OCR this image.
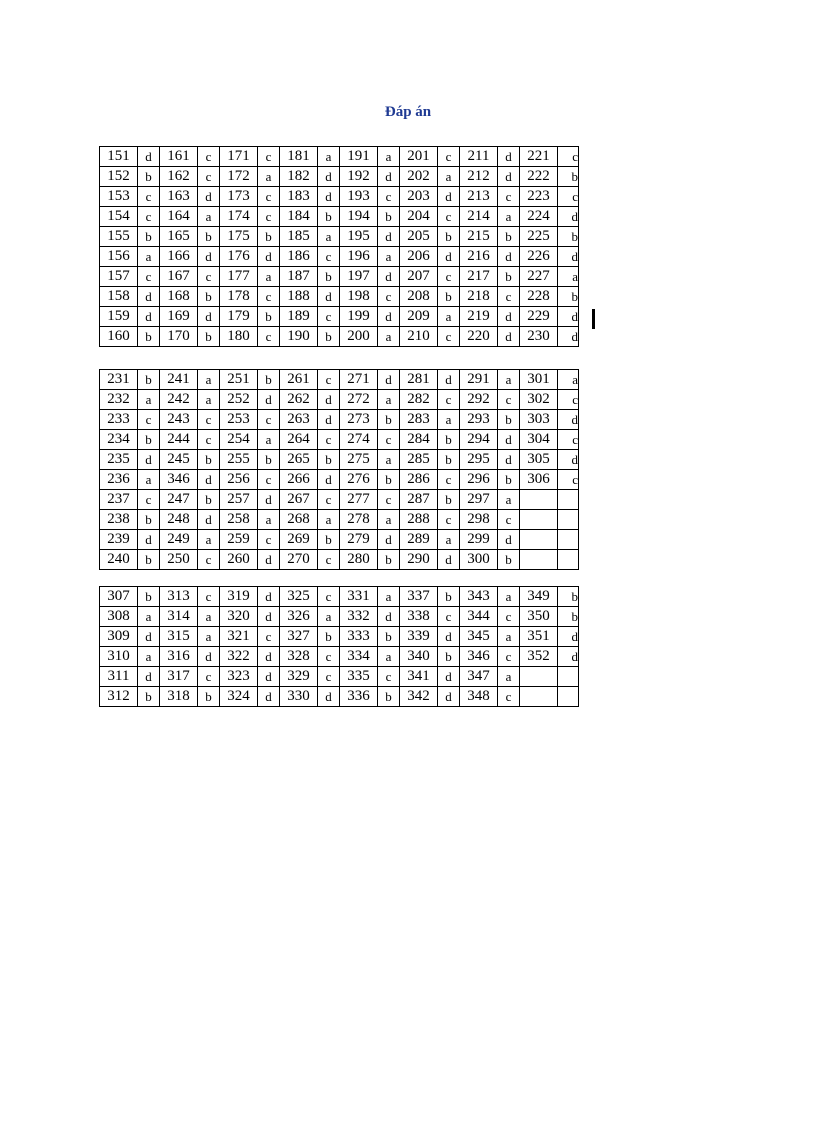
Đáp án
151	d	161	c	171	c	181	a	191	a	201	c	211	d	221	c
152	b	162	c	172	a	182	d	192	d	202	a	212	d	222	b
153	c	163	d	173	c	183	d	193	c	203	d	213	c	223	c
154	c	164	a	174	c	184	b	194	b	204	c	214	a	224	d
155	b	165	b	175	b	185	a	195	d	205	b	215	b	225	b
156	a	166	d	176	d	186	c	196	a	206	d	216	d	226	d
157	c	167	c	177	a	187	b	197	d	207	c	217	b	227	a
158	d	168	b	178	c	188	d	198	c	208	b	218	c	228	b
159	d	169	d	179	b	189	c	199	d	209	a	219	d	229	d
160	b	170	b	180	c	190	b	200	a	210	c	220	d	230	d
231	b	241	a	251	b	261	c	271	d	281	d	291	a	301	a
232	a	242	a	252	d	262	d	272	a	282	c	292	c	302	c
233	c	243	c	253	c	263	d	273	b	283	a	293	b	303	d
234	b	244	c	254	a	264	c	274	c	284	b	294	d	304	c
235	d	245	b	255	b	265	b	275	a	285	b	295	d	305	d
236	a	346	d	256	c	266	d	276	b	286	c	296	b	306	c
237	c	247	b	257	d	267	c	277	c	287	b	297	a		
238	b	248	d	258	a	268	a	278	a	288	c	298	c		
239	d	249	a	259	c	269	b	279	d	289	a	299	d		
240	b	250	c	260	d	270	c	280	b	290	d	300	b		
307	b	313	c	319	d	325	c	331	a	337	b	343	a	349	b
308	a	314	a	320	d	326	a	332	d	338	c	344	c	350	b
309	d	315	a	321	c	327	b	333	b	339	d	345	a	351	d
310	a	316	d	322	d	328	c	334	a	340	b	346	c	352	d
311	d	317	c	323	d	329	c	335	c	341	d	347	a		
312	b	318	b	324	d	330	d	336	b	342	d	348	c		
